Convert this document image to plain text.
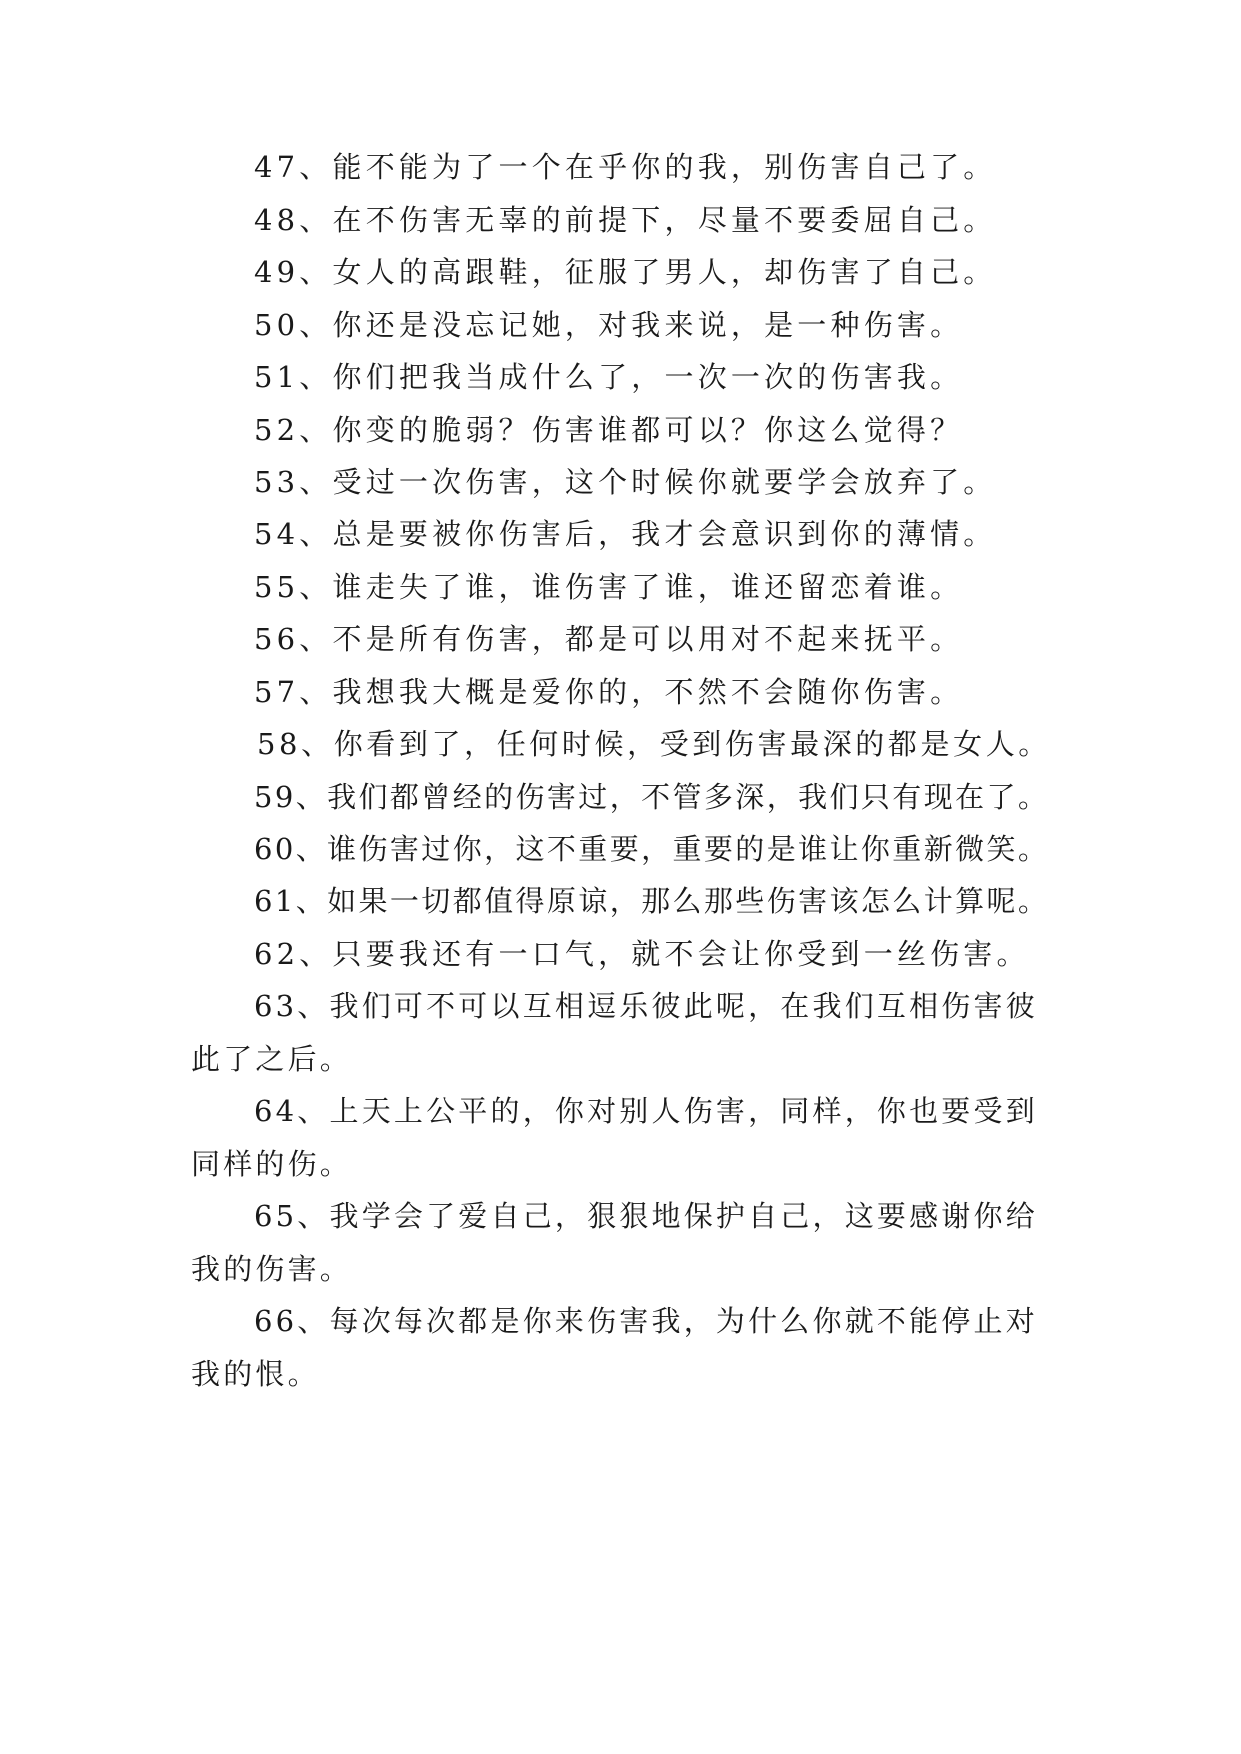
47、能不能为了一个在乎你的我，别伤害自己了。
48、在不伤害无辜的前提下，尽量不要委屈自己。
49、女人的高跟鞋，征服了男人，却伤害了自己。
50、你还是没忘记她，对我来说，是一种伤害。
51、你们把我当成什么了，一次一次的伤害我。
52、你变的脆弱？伤害谁都可以？你这么觉得？
53、受过一次伤害，这个时候你就要学会放弃了。
54、总是要被你伤害后，我才会意识到你的薄情。
55、谁走失了谁，谁伤害了谁，谁还留恋着谁。
56、不是所有伤害，都是可以用对不起来抚平。
57、我想我大概是爱你的，不然不会随你伤害。
58、你看到了，任何时候，受到伤害最深的都是女人。
59、我们都曾经的伤害过，不管多深，我们只有现在了。
60、谁伤害过你，这不重要，重要的是谁让你重新微笑。
61、如果一切都值得原谅，那么那些伤害该怎么计算呢。
62、只要我还有一口气，就不会让你受到一丝伤害。
63、我们可不可以互相逗乐彼此呢，在我们互相伤害彼
此了之后。
64、上天上公平的，你对别人伤害，同样，你也要受到
同样的伤。
65、我学会了爱自己，狠狠地保护自己，这要感谢你给
我的伤害。
66、每次每次都是你来伤害我，为什么你就不能停止对
我的恨。
